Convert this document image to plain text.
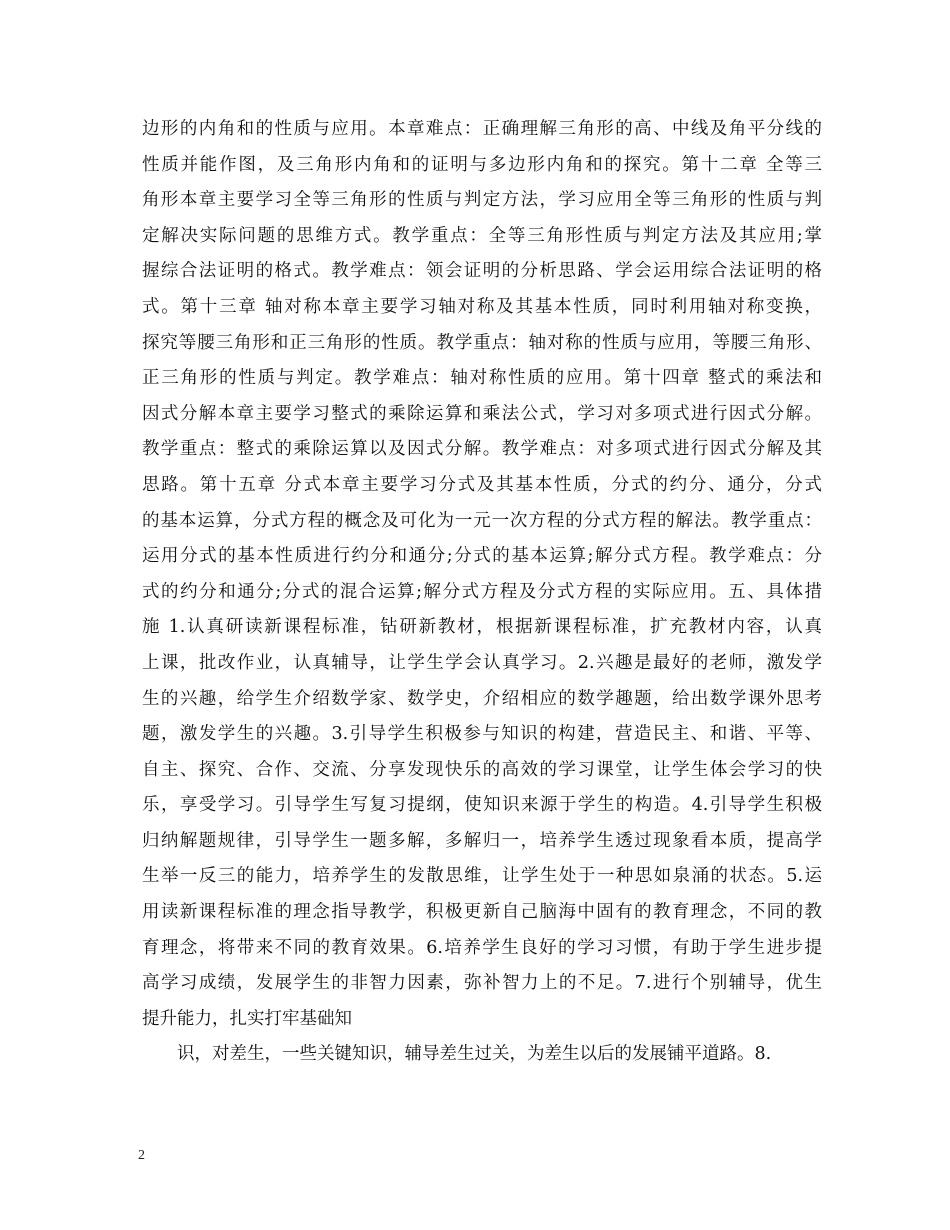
边形的内角和的性质与应用。本章难点：正确理解三角形的高、中线及角平分线的
性质并能作图，及三角形内角和的证明与多边形内角和的探究。第十二章 全等三
角形本章主要学习全等三角形的性质与判定方法，学习应用全等三角形的性质与判
定解决实际问题的思维方式。教学重点：全等三角形性质与判定方法及其应用;掌
握综合法证明的格式。教学难点：领会证明的分析思路、学会运用综合法证明的格
式。第十三章 轴对称本章主要学习轴对称及其基本性质，同时利用轴对称变换，
探究等腰三角形和正三角形的性质。教学重点：轴对称的性质与应用，等腰三角形、
正三角形的性质与判定。教学难点：轴对称性质的应用。第十四章 整式的乘法和
因式分解本章主要学习整式的乘除运算和乘法公式，学习对多项式进行因式分解。
教学重点：整式的乘除运算以及因式分解。教学难点：对多项式进行因式分解及其
思路。第十五章 分式本章主要学习分式及其基本性质，分式的约分、通分，分式
的基本运算，分式方程的概念及可化为一元一次方程的分式方程的解法。教学重点：
运用分式的基本性质进行约分和通分;分式的基本运算;解分式方程。教学难点：分
式的约分和通分;分式的混合运算;解分式方程及分式方程的实际应用。五、具体措
施 1.认真研读新课程标准，钻研新教材，根据新课程标准，扩充教材内容，认真
上课，批改作业，认真辅导，让学生学会认真学习。2.兴趣是最好的老师，激发学
生的兴趣，给学生介绍数学家、数学史，介绍相应的数学趣题，给出数学课外思考
题，激发学生的兴趣。3.引导学生积极参与知识的构建，营造民主、和谐、平等、
自主、探究、合作、交流、分享发现快乐的高效的学习课堂，让学生体会学习的快
乐，享受学习。引导学生写复习提纲，使知识来源于学生的构造。4.引导学生积极
归纳解题规律，引导学生一题多解，多解归一，培养学生透过现象看本质，提高学
生举一反三的能力，培养学生的发散思维，让学生处于一种思如泉涌的状态。5.运
用读新课程标准的理念指导教学，积极更新自己脑海中固有的教育理念，不同的教
育理念，将带来不同的教育效果。6.培养学生良好的学习习惯，有助于学生进步提
高学习成绩，发展学生的非智力因素，弥补智力上的不足。7.进行个别辅导，优生
提升能力，扎实打牢基础知
识，对差生，一些关键知识，辅导差生过关，为差生以后的发展铺平道路。8.
2
